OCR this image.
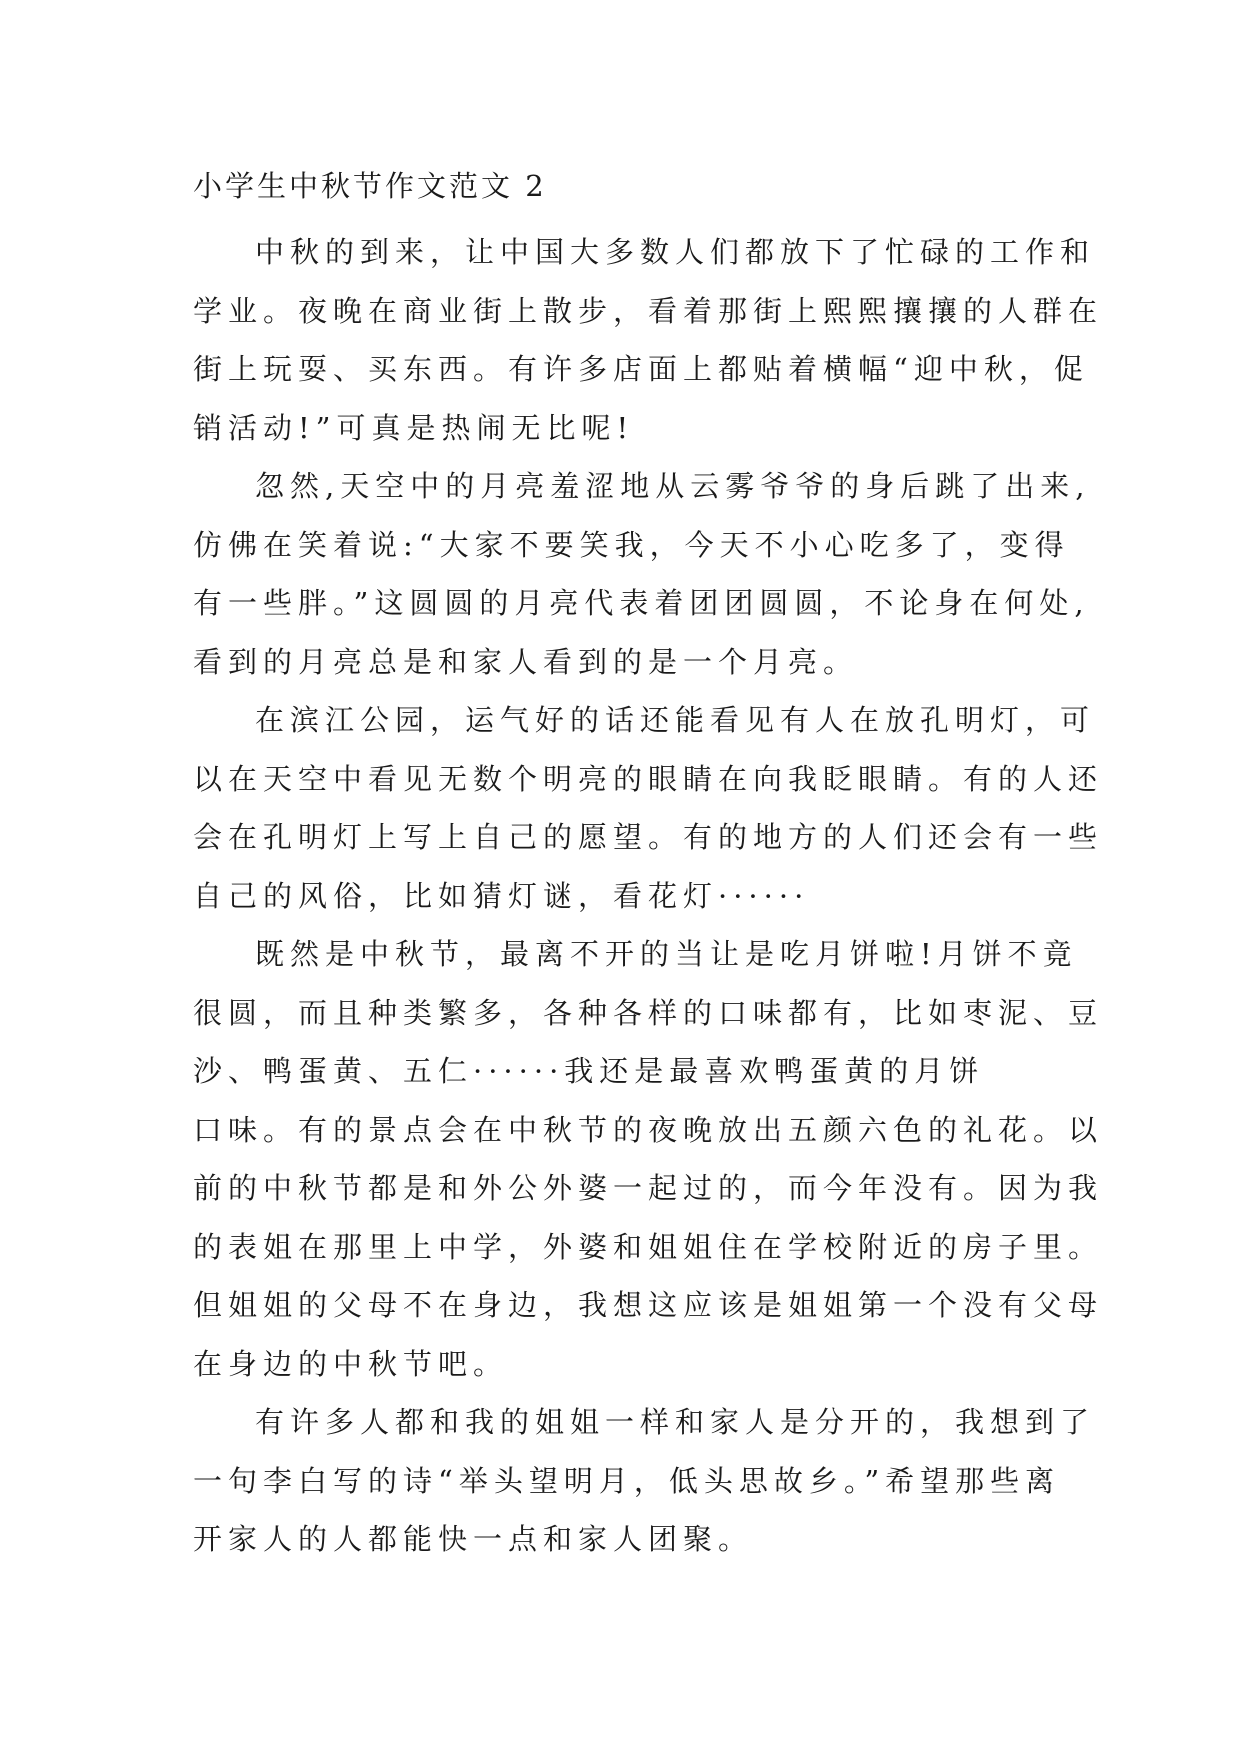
小学生中秋节作文范文 2
中秋的到来，让中国大多数人们都放下了忙碌的工作和
学业。夜晚在商业街上散步，看着那街上熙熙攘攘的人群在
街上玩耍、买东西。有许多店面上都贴着横幅“迎中秋，促
销活动!”可真是热闹无比呢!
忽然,天空中的月亮羞涩地从云雾爷爷的身后跳了出来,
仿佛在笑着说:“大家不要笑我，今天不小心吃多了，变得
有一些胖。”这圆圆的月亮代表着团团圆圆，不论身在何处,
看到的月亮总是和家人看到的是一个月亮。
在滨江公园，运气好的话还能看见有人在放孔明灯，可
以在天空中看见无数个明亮的眼睛在向我眨眼睛。有的人还
会在孔明灯上写上自己的愿望。有的地方的人们还会有一些
自己的风俗，比如猜灯谜，看花灯······
既然是中秋节，最离不开的当让是吃月饼啦!月饼不竟
很圆，而且种类繁多，各种各样的口味都有，比如枣泥、豆
沙、鸭蛋黄、五仁······我还是最喜欢鸭蛋黄的月饼
口味。有的景点会在中秋节的夜晚放出五颜六色的礼花。以
前的中秋节都是和外公外婆一起过的，而今年没有。因为我
的表姐在那里上中学，外婆和姐姐住在学校附近的房子里。
但姐姐的父母不在身边，我想这应该是姐姐第一个没有父母
在身边的中秋节吧。
有许多人都和我的姐姐一样和家人是分开的，我想到了
一句李白写的诗“举头望明月，低头思故乡。”希望那些离
开家人的人都能快一点和家人团聚。
